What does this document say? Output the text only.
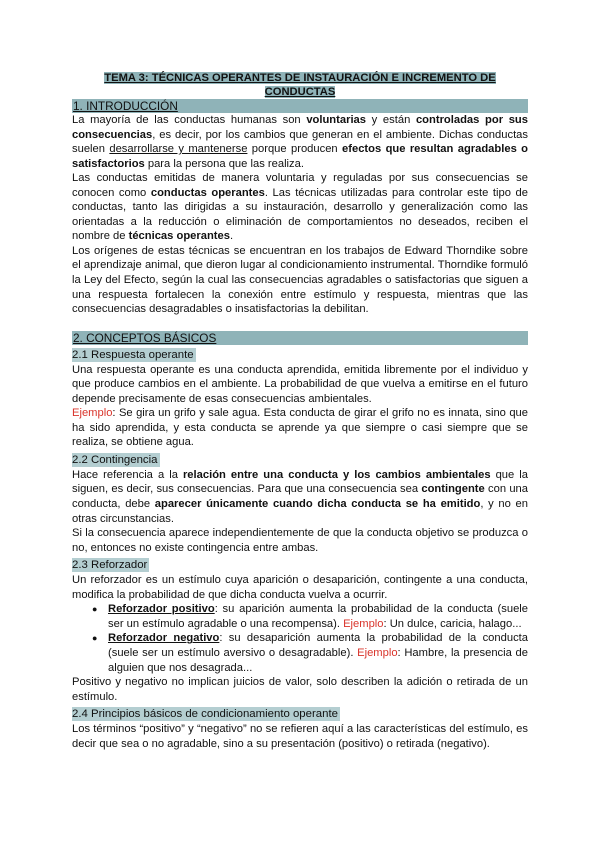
TEMA 3: TÉCNICAS OPERANTES DE INSTAURACIÓN E INCREMENTO DE
CONDUCTAS
1. INTRODUCCIÓN

La mayoría de las conductas humanas son voluntarias y están controladas por sus consecuencias, es decir, por los cambios que generan en el ambiente. Dichas conductas suelen desarrollarse y mantenerse porque producen efectos que resultan agradables o satisfactorios para la persona que las realiza.

Las conductas emitidas de manera voluntaria y reguladas por sus consecuencias se conocen como conductas operantes. Las técnicas utilizadas para controlar este tipo de conductas, tanto las dirigidas a su instauración, desarrollo y generalización como las orientadas a la reducción o eliminación de comportamientos no deseados, reciben el nombre de técnicas operantes.

Los orígenes de estas técnicas se encuentran en los trabajos de Edward Thorndike sobre el aprendizaje animal, que dieron lugar al condicionamiento instrumental. Thorndike formuló la Ley del Efecto, según la cual las consecuencias agradables o satisfactorias que siguen a una respuesta fortalecen la conexión entre estímulo y respuesta, mientras que las consecuencias desagradables o insatisfactorias la debilitan.

2. CONCEPTOS BÁSICOS
2.1 Respuesta operante

Una respuesta operante es una conducta aprendida, emitida libremente por el individuo y que produce cambios en el ambiente. La probabilidad de que vuelva a emitirse en el futuro depende precisamente de esas consecuencias ambientales.

Ejemplo: Se gira un grifo y sale agua. Esta conducta de girar el grifo no es innata, sino que ha sido aprendida, y esta conducta se aprende ya que siempre o casi siempre que se realiza, se obtiene agua.

2.2 Contingencia

Hace referencia a la relación entre una conducta y los cambios ambientales que la siguen, es decir, sus consecuencias. Para que una consecuencia sea contingente con una conducta, debe aparecer únicamente cuando dicha conducta se ha emitido, y no en otras circunstancias.

Si la consecuencia aparece independientemente de que la conducta objetivo se produzca o no, entonces no existe contingencia entre ambas.

2.3 Reforzador

Un reforzador es un estímulo cuya aparición o desaparición, contingente a una conducta, modifica la probabilidad de que dicha conducta vuelva a ocurrir.

● Reforzador positivo: su aparición aumenta la probabilidad de la conducta (suele ser un estímulo agradable o una recompensa). Ejemplo: Un dulce, caricia, halago...
● Reforzador negativo: su desaparición aumenta la probabilidad de la conducta (suele ser un estímulo aversivo o desagradable). Ejemplo: Hambre, la presencia de alguien que nos desagrada...

Positivo y negativo no implican juicios de valor, solo describen la adición o retirada de un estímulo.

2.4 Principios básicos de condicionamiento operante

Los términos “positivo” y “negativo” no se refieren aquí a las características del estímulo, es decir que sea o no agradable, sino a su presentación (positivo) o retirada (negativo).
